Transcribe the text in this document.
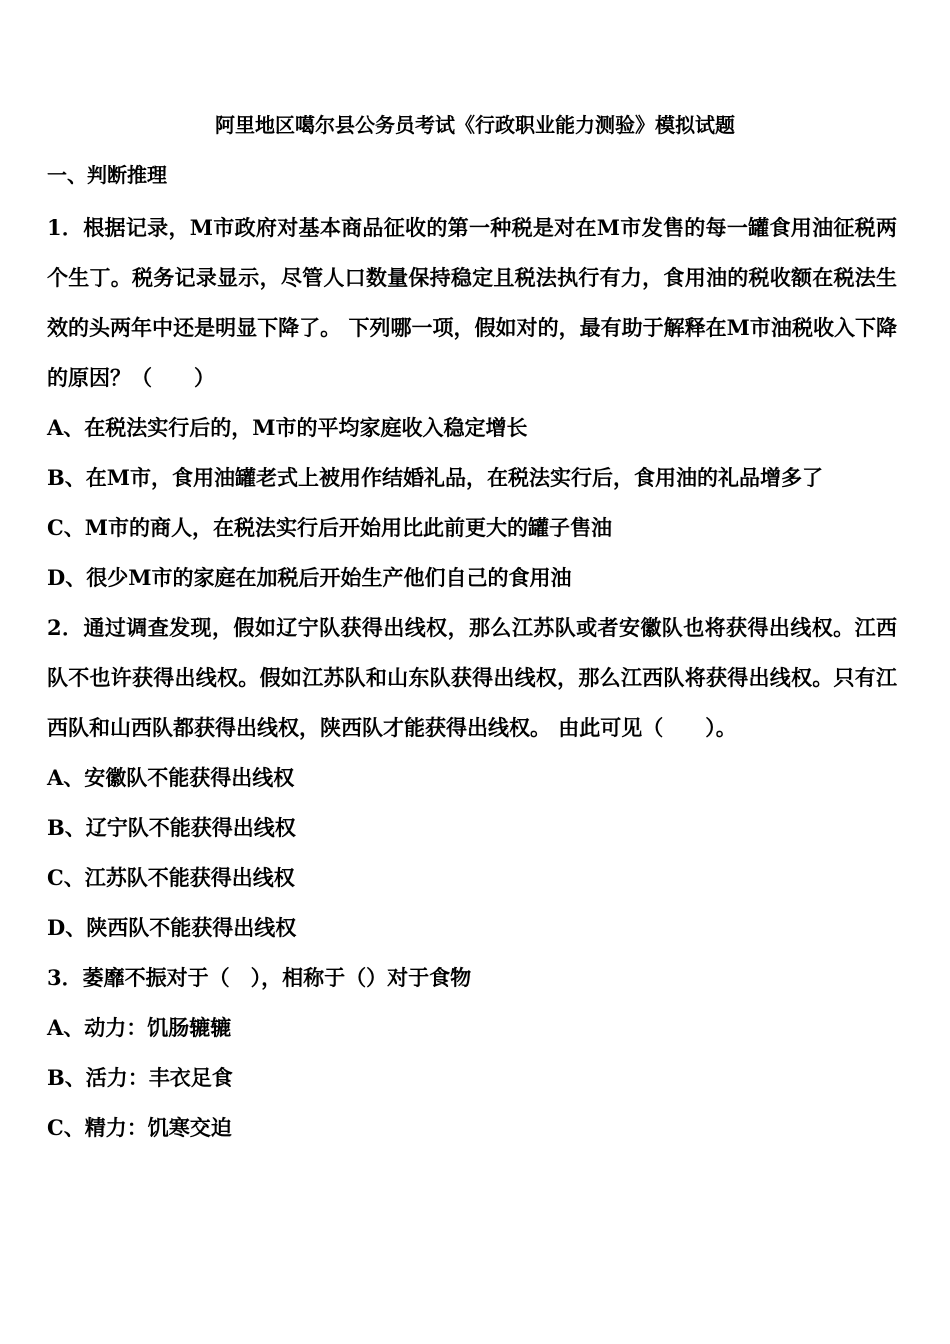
阿里地区噶尔县公务员考试《行政职业能力测验》模拟试题
一、判断推理

1．根据记录，M市政府对基本商品征收的第一种税是对在M市发售的每一罐食用油征税两个生丁。税务记录显示，尽管人口数量保持稳定且税法执行有力，食用油的税收额在税法生效的头两年中还是明显下降了。 下列哪一项，假如对的，最有助于解释在M市油税收入下降的原因？（　　）

A、在税法实行后的，M市的平均家庭收入稳定增长
B、在M市，食用油罐老式上被用作结婚礼品，在税法实行后，食用油的礼品增多了
C、M市的商人，在税法实行后开始用比此前更大的罐子售油
D、很少M市的家庭在加税后开始生产他们自己的食用油

2．通过调查发现，假如辽宁队获得出线权，那么江苏队或者安徽队也将获得出线权。江西队不也许获得出线权。假如江苏队和山东队获得出线权，那么江西队将获得出线权。只有江西队和山西队都获得出线权，陕西队才能获得出线权。 由此可见（　　）。

A、安徽队不能获得出线权
B、辽宁队不能获得出线权
C、江苏队不能获得出线权
D、陕西队不能获得出线权

3．萎靡不振对于（　），相称于（）对于食物

A、动力：饥肠辘辘
B、活力：丰衣足食
C、精力：饥寒交迫
